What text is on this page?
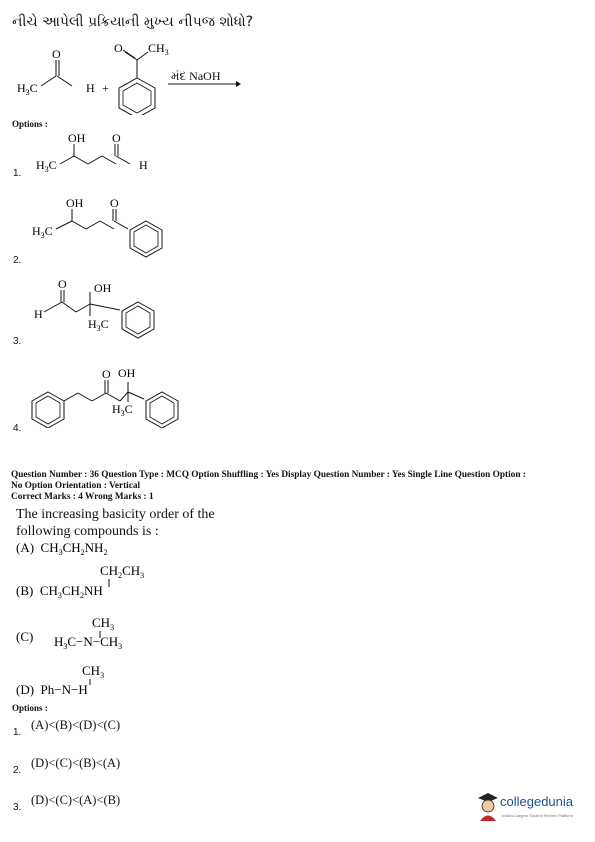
નીચે આપેલી પ્રક્રિયાની મુખ્ય નીપજ શોધો?
$H_3C$
O
H +
O $CH_3$
મંદ NaOH
Options :
$H_3C$
OH O
H
1.
$H_3C$
OH O
2.
H
O OH
$H_3C$
3.
O OH
$H_3C$
4.
Question Number : 36 Question Type : MCQ Option Shuffling : Yes Display Question Number : Yes Single Line Question Option :
No Option Orientation : Vertical
Correct Marks : 4 Wrong Marks : 1
The increasing basicity order of the
following compounds is :
(A)  $CH_3CH_2NH_2$
$CH_2CH_3$
(B)  $CH_3CH_2NH$
$CH_3$
(C) $H_3C-N-CH_3$
$CH_3$
(D)  Ph−N−H
Options :
1.
(A)<(B)<(D)<(C)
2.
(D)<(C)<(B)<(A)
3.
(D)<(C)<(A)<(B)	collegedunia
India's Largest Student Review Platform
